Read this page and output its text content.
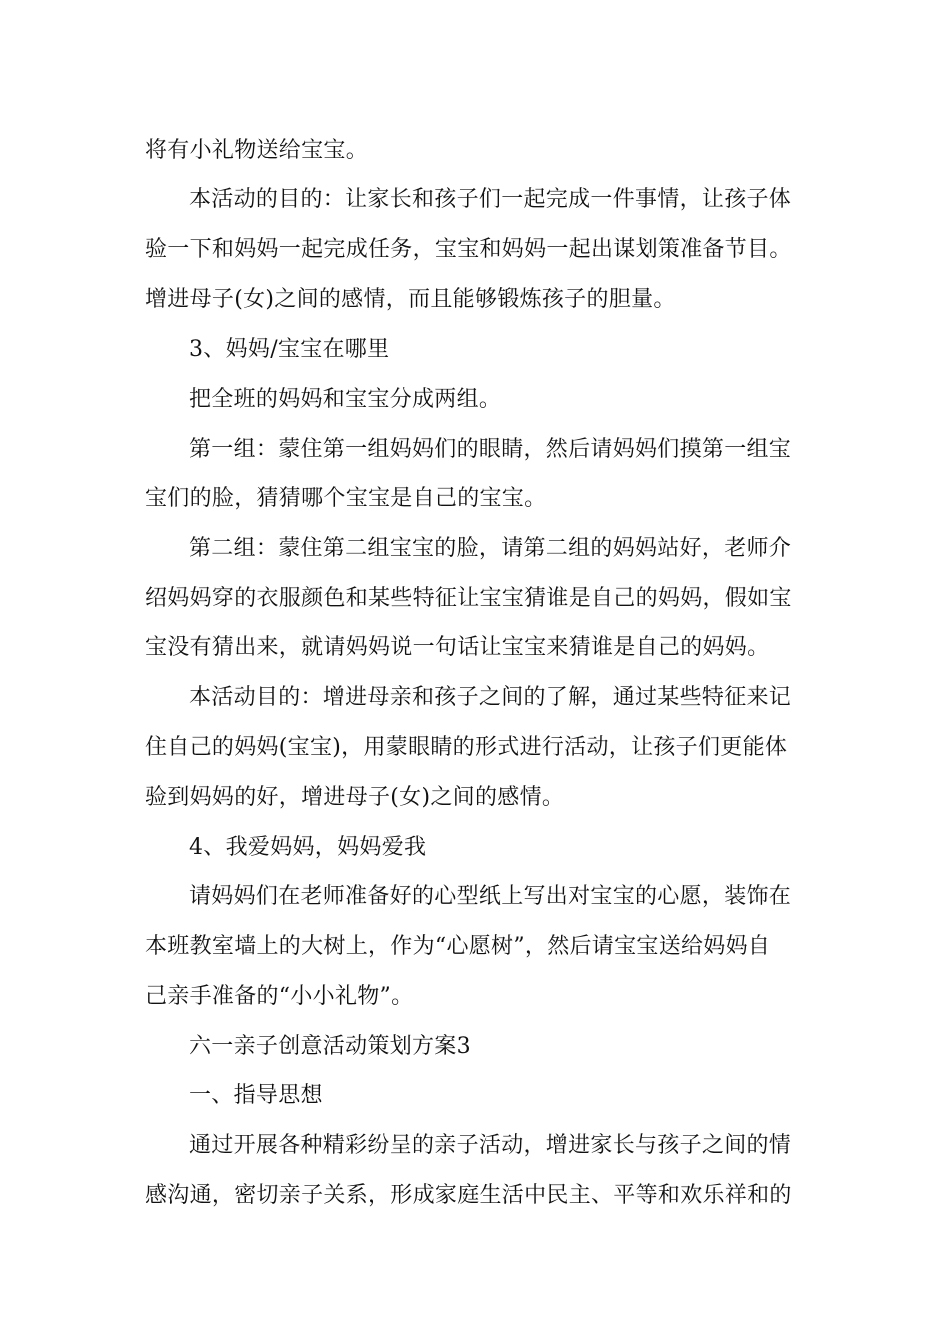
将有小礼物送给宝宝。
本活动的目的：让家长和孩子们一起完成一件事情，让孩子体
验一下和妈妈一起完成任务，宝宝和妈妈一起出谋划策准备节目。
增进母子(女)之间的感情，而且能够锻炼孩子的胆量。
3、妈妈/宝宝在哪里
把全班的妈妈和宝宝分成两组。
第一组：蒙住第一组妈妈们的眼睛，然后请妈妈们摸第一组宝
宝们的脸，猜猜哪个宝宝是自己的宝宝。
第二组：蒙住第二组宝宝的脸，请第二组的妈妈站好，老师介
绍妈妈穿的衣服颜色和某些特征让宝宝猜谁是自己的妈妈，假如宝
宝没有猜出来，就请妈妈说一句话让宝宝来猜谁是自己的妈妈。
本活动目的：增进母亲和孩子之间的了解，通过某些特征来记
住自己的妈妈(宝宝)，用蒙眼睛的形式进行活动，让孩子们更能体
验到妈妈的好，增进母子(女)之间的感情。
4、我爱妈妈，妈妈爱我
请妈妈们在老师准备好的心型纸上写出对宝宝的心愿，装饰在
本班教室墙上的大树上，作为“心愿树”，然后请宝宝送给妈妈自
己亲手准备的“小小礼物”。
六一亲子创意活动策划方案3
一、指导思想
通过开展各种精彩纷呈的亲子活动，增进家长与孩子之间的情
感沟通，密切亲子关系，形成家庭生活中民主、平等和欢乐祥和的
